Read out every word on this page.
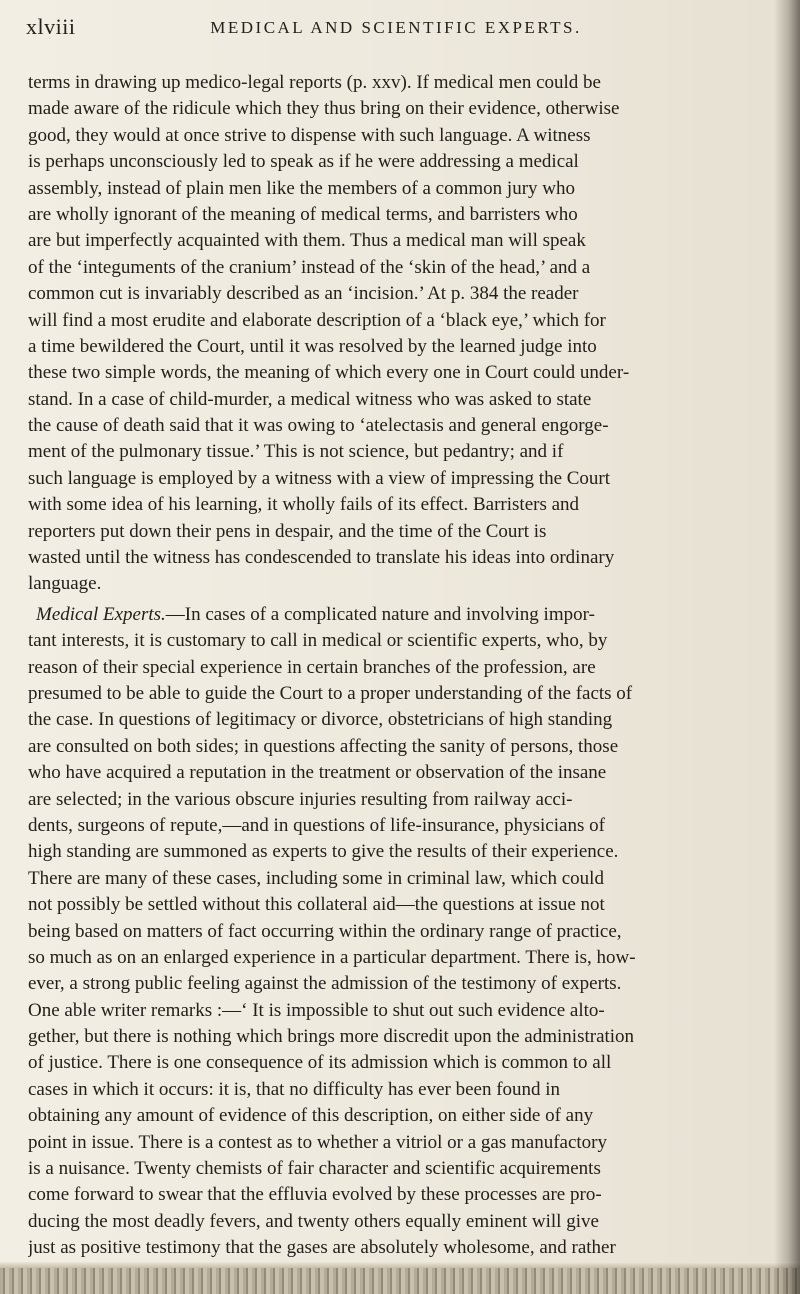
xlviii	MEDICAL AND SCIENTIFIC EXPERTS.
terms in drawing up medico-legal reports (p. xxv). If medical men could be
made aware of the ridicule which they thus bring on their evidence, otherwise
good, they would at once strive to dispense with such language. A witness
is perhaps unconsciously led to speak as if he were addressing a medical
assembly, instead of plain men like the members of a common jury who
are wholly ignorant of the meaning of medical terms, and barristers who
are but imperfectly acquainted with them. Thus a medical man will speak
of the ‘integuments of the cranium’ instead of the ‘skin of the head,’ and a
common cut is invariably described as an ‘incision.’ At p. 384 the reader
will find a most erudite and elaborate description of a ‘black eye,’ which for
a time bewildered the Court, until it was resolved by the learned judge into
these two simple words, the meaning of which every one in Court could under-
stand. In a case of child-murder, a medical witness who was asked to state
the cause of death said that it was owing to ‘atelectasis and general engorge-
ment of the pulmonary tissue.’ This is not science, but pedantry; and if
such language is employed by a witness with a view of impressing the Court
with some idea of his learning, it wholly fails of its effect. Barristers and
reporters put down their pens in despair, and the time of the Court is
wasted until the witness has condescended to translate his ideas into ordinary
language.
Medical Experts.—In cases of a complicated nature and involving impor-
tant interests, it is customary to call in medical or scientific experts, who, by
reason of their special experience in certain branches of the profession, are
presumed to be able to guide the Court to a proper understanding of the facts of
the case. In questions of legitimacy or divorce, obstetricians of high standing
are consulted on both sides; in questions affecting the sanity of persons, those
who have acquired a reputation in the treatment or observation of the insane
are selected; in the various obscure injuries resulting from railway acci-
dents, surgeons of repute,—and in questions of life-insurance, physicians of
high standing are summoned as experts to give the results of their experience.
There are many of these cases, including some in criminal law, which could
not possibly be settled without this collateral aid—the questions at issue not
being based on matters of fact occurring within the ordinary range of practice,
so much as on an enlarged experience in a particular department. There is, how-
ever, a strong public feeling against the admission of the testimony of experts.
One able writer remarks :—‘ It is impossible to shut out such evidence alto-
gether, but there is nothing which brings more discredit upon the administration
of justice. There is one consequence of its admission which is common to all
cases in which it occurs: it is, that no difficulty has ever been found in
obtaining any amount of evidence of this description, on either side of any
point in issue. There is a contest as to whether a vitriol or a gas manufactory
is a nuisance. Twenty chemists of fair character and scientific acquirements
come forward to swear that the effluvia evolved by these processes are pro-
ducing the most deadly fevers, and twenty others equally eminent will give
just as positive testimony that the gases are absolutely wholesome, and rather
